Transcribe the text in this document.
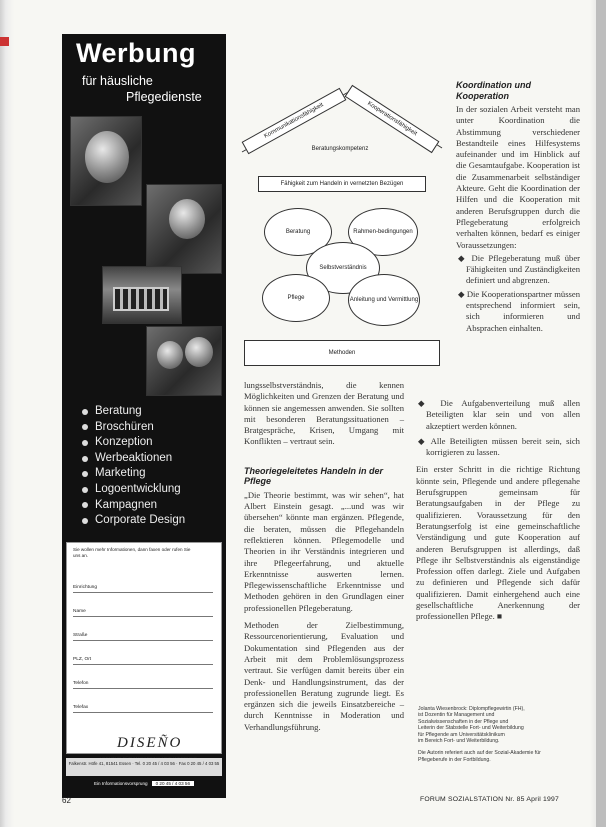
Werbung
für häusliche
Pflegedienste
Beratung
Broschüren
Konzeption
Werbeaktionen
Marketing
Logoentwicklung
Kampagnen
Corporate Design
Sie wollen mehr Informationen, dann faxen oder rufen Sie uns an.
Einrichtung
Name
Straße
PLZ, Ort
Telefon
Telefax
DISEÑO
Falkenstr. Höfe 41, 81541 Essen · Tel. 0 20 45 / 4 03 56 · Fax 0 20 45 / 4 03 55
Ein Informationsvorsprung	0 20 45 / 4 03 56
Kommunikationsfähigkeit	Kooperationsfähigkeit
Beratungskompetenz
Fähigkeit zum Handeln in vernetzten Bezügen
Beratung	Rahmen-bedingungen
Selbstverständnis
Pflege	Anleitung und Vermittlung
Methoden

lungsselbstverständnis, die kennen Möglichkeiten und Grenzen der Beratung und können sie angemessen anwenden. Sie sollten mit besonderen Beratungssituationen – Bratgespräche, Krisen, Umgang mit Konflikten – vertraut sein.

Theoriegeleitetes Handeln in der Pflege

„Die Theorie bestimmt, was wir sehen“, hat Albert Einstein gesagt. „...und was wir übersehen“ könnte man ergänzen. Pflegende, die beraten, müssen die Pflegehandeln reflektieren können. Pflegemodelle und Theorien in ihr Verständnis integrieren und ihre Pflegeerfahrung, und aktuelle Erkenntnisse auswerten lernen. Pflegewissenschaftliche Erkenntnisse und Methoden gehören in den Grundlagen einer professionellen Pflegeberatung.

Methoden der Zielbestimmung, Ressourcenorientierung, Evaluation und Dokumentation sind Pflegenden aus der Arbeit mit dem Problemlösungsprozess vertraut. Sie verfügen damit bereits über ein Denk- und Handlungsinstrument, das der professionellen Beratung zugrunde liegt. Es ergänzen sich die jeweils Einsatzbereiche – durch Kenntnisse in Moderation und Verhandlungsführung.

Koordination und Kooperation

In der sozialen Arbeit versteht man unter Koordination die Abstimmung verschiedener Bestandteile eines Hilfesystems aufeinander und im Hinblick auf die Gesamtaufgabe. Kooperation ist die Zusammenarbeit selbständiger Akteure. Geht die Koordination der Hilfen und die Kooperation mit anderen Berufsgruppen durch die Pflegeberatung erfolgreich verhalten können, bedarf es einiger Voraussetzungen:

◆ Die Pflegeberatung muß über Fähigkeiten und Zuständigkeiten definiert und abgrenzen.

◆ Die Kooperationspartner müssen entsprechend informiert sein, sich informieren und Absprachen einhalten.

◆ Die Aufgabenverteilung muß allen Beteiligten klar sein und von allen akzeptiert werden können.

◆ Alle Beteiligten müssen bereit sein, sich korrigieren zu lassen.

Ein erster Schritt in die richtige Richtung könnte sein, Pflegende und andere pflegenahe Berufsgruppen gemeinsam für Beratungsaufgaben in der Pflege zu qualifizieren. Voraussetzung für den Beratungserfolg ist eine gemeinschaftliche Verständigung und gute Kooperation auf anderen Berufsgruppen ist allerdings, daß Pflege ihr Selbstverständnis als eigenständige Profession offen darlegt. Ziele und Aufgaben zu definieren und Pflegende sich dafür qualifizieren. Damit einhergehend auch eine gesellschaftliche Anerkennung der professionellen Pflege. ■

Jolanta Wiesenbrock: Diplompflegewirtin (FH),
ist Dozentin für Management und
Sozialwissenschaften in der Pflege und
Leiterin der Stabstelle Fort- und Weiterbildung
für Pflegende am Universitätsklinikum
im Bereich Fort- und Weiterbildung.
Die Autorin referiert auch auf der Sozial-Akademie für
Pflegeberufe in der Fortbildung.
62	FORUM SOZIALSTATION Nr. 85 April 1997
